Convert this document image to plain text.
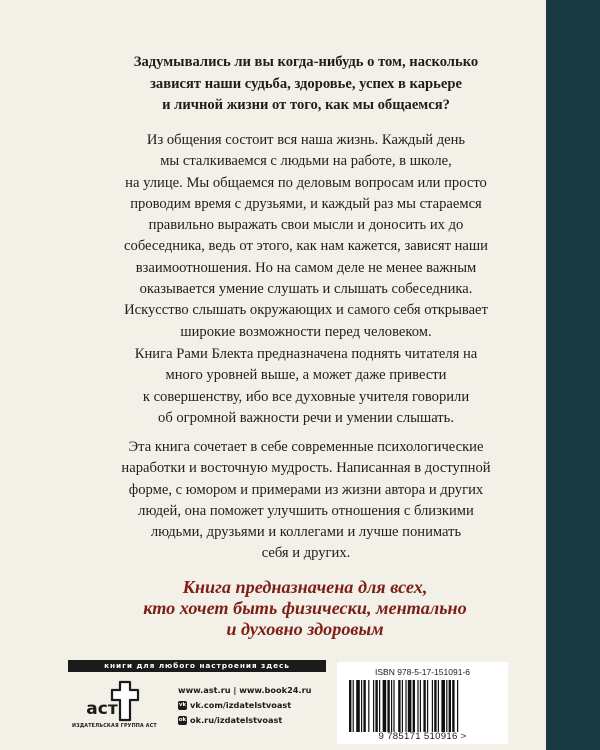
Задумывались ли вы когда-нибудь о том, насколько
зависят наши судьба, здоровье, успех в карьере
и личной жизни от того, как мы общаемся?
Из общения состоит вся наша жизнь. Каждый день
мы сталкиваемся с людьми на работе, в школе,
на улице. Мы общаемся по деловым вопросам или просто
проводим время с друзьями, и каждый раз мы стараемся
правильно выражать свои мысли и доносить их до
собеседника, ведь от этого, как нам кажется, зависят наши
взаимоотношения. Но на самом деле не менее важным
оказывается умение слушать и слышать собеседника.
Искусство слышать окружающих и самого себя открывает
широкие возможности перед человеком.
Книга Рами Блекта предназначена поднять читателя на
много уровней выше, а может даже привести
к совершенству, ибо все духовные учителя говорили
об огромной важности речи и умении слышать.
Эта книга сочетает в себе современные психологические
наработки и восточную мудрость. Написанная в доступной
форме, с юмором и примерами из жизни автора и других
людей, она поможет улучшить отношения с близкими
людьми, друзьями и коллегами и лучше понимать
себя и других.
Книга предназначена для всех,
кто хочет быть физически, ментально
и духовно здоровым
книги для любого настроения здесь
аст
ИЗДАТЕЛЬСКАЯ ГРУППА АСТ
www.ast.ru | www.book24.ru
vk vk.com/izdatelstvoast
ok ok.ru/izdatelstvoast
ISBN 978-5-17-151091-6
9 785171 510916 >
